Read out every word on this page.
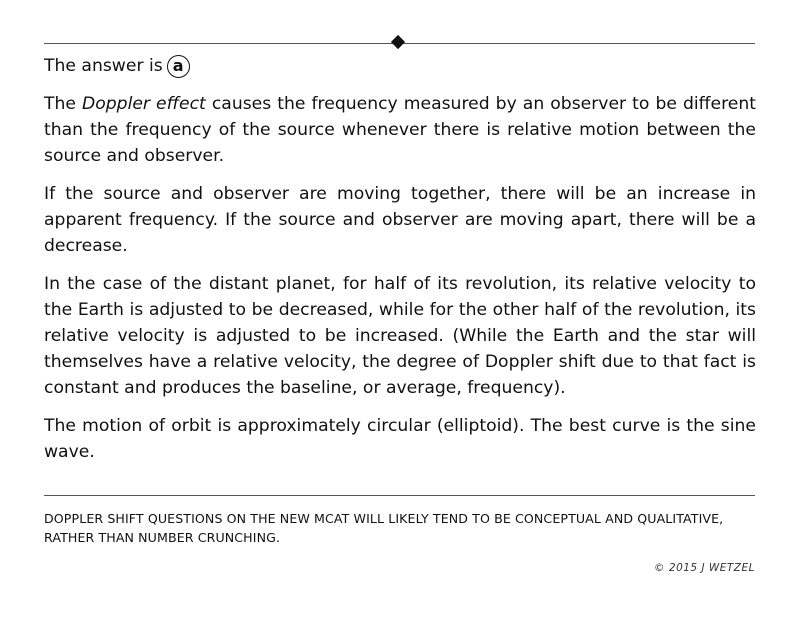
The answer is a

The Doppler effect causes the frequency measured by an observer to be different than the frequency of the source whenever there is relative motion between the source and observer.

If the source and observer are moving together, there will be an increase in apparent frequency. If the source and observer are moving apart, there will be a decrease.

In the case of the distant planet, for half of its revolution, its relative velocity to the Earth is adjusted to be decreased, while for the other half of the revolution, its relative velocity is adjusted to be increased. (While the Earth and the star will themselves have a relative velocity, the degree of Doppler shift due to that fact is constant and produces the baseline, or average, frequency).

The motion of orbit is approximately circular (elliptoid). The best curve is the sine wave.

DOPPLER SHIFT QUESTIONS ON THE NEW MCAT WILL LIKELY TEND TO BE CONCEPTUAL AND QUALITATIVE, RATHER THAN NUMBER CRUNCHING.
© 2015 J WETZEL
